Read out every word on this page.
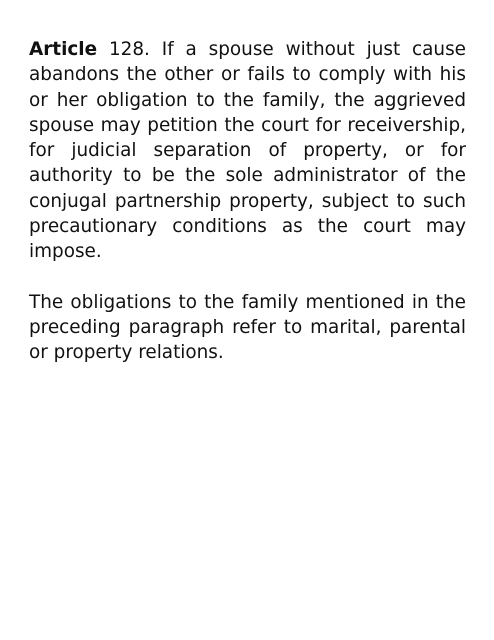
Article 128. If a spouse without just cause abandons the other or fails to comply with his or her obligation to the family, the aggrieved spouse may petition the court for receivership, for judicial separation of property, or for authority to be the sole administrator of the conjugal partnership property, subject to such precautionary conditions as the court may impose.

The obligations to the family mentioned in the preceding paragraph refer to marital, parental or property relations.
